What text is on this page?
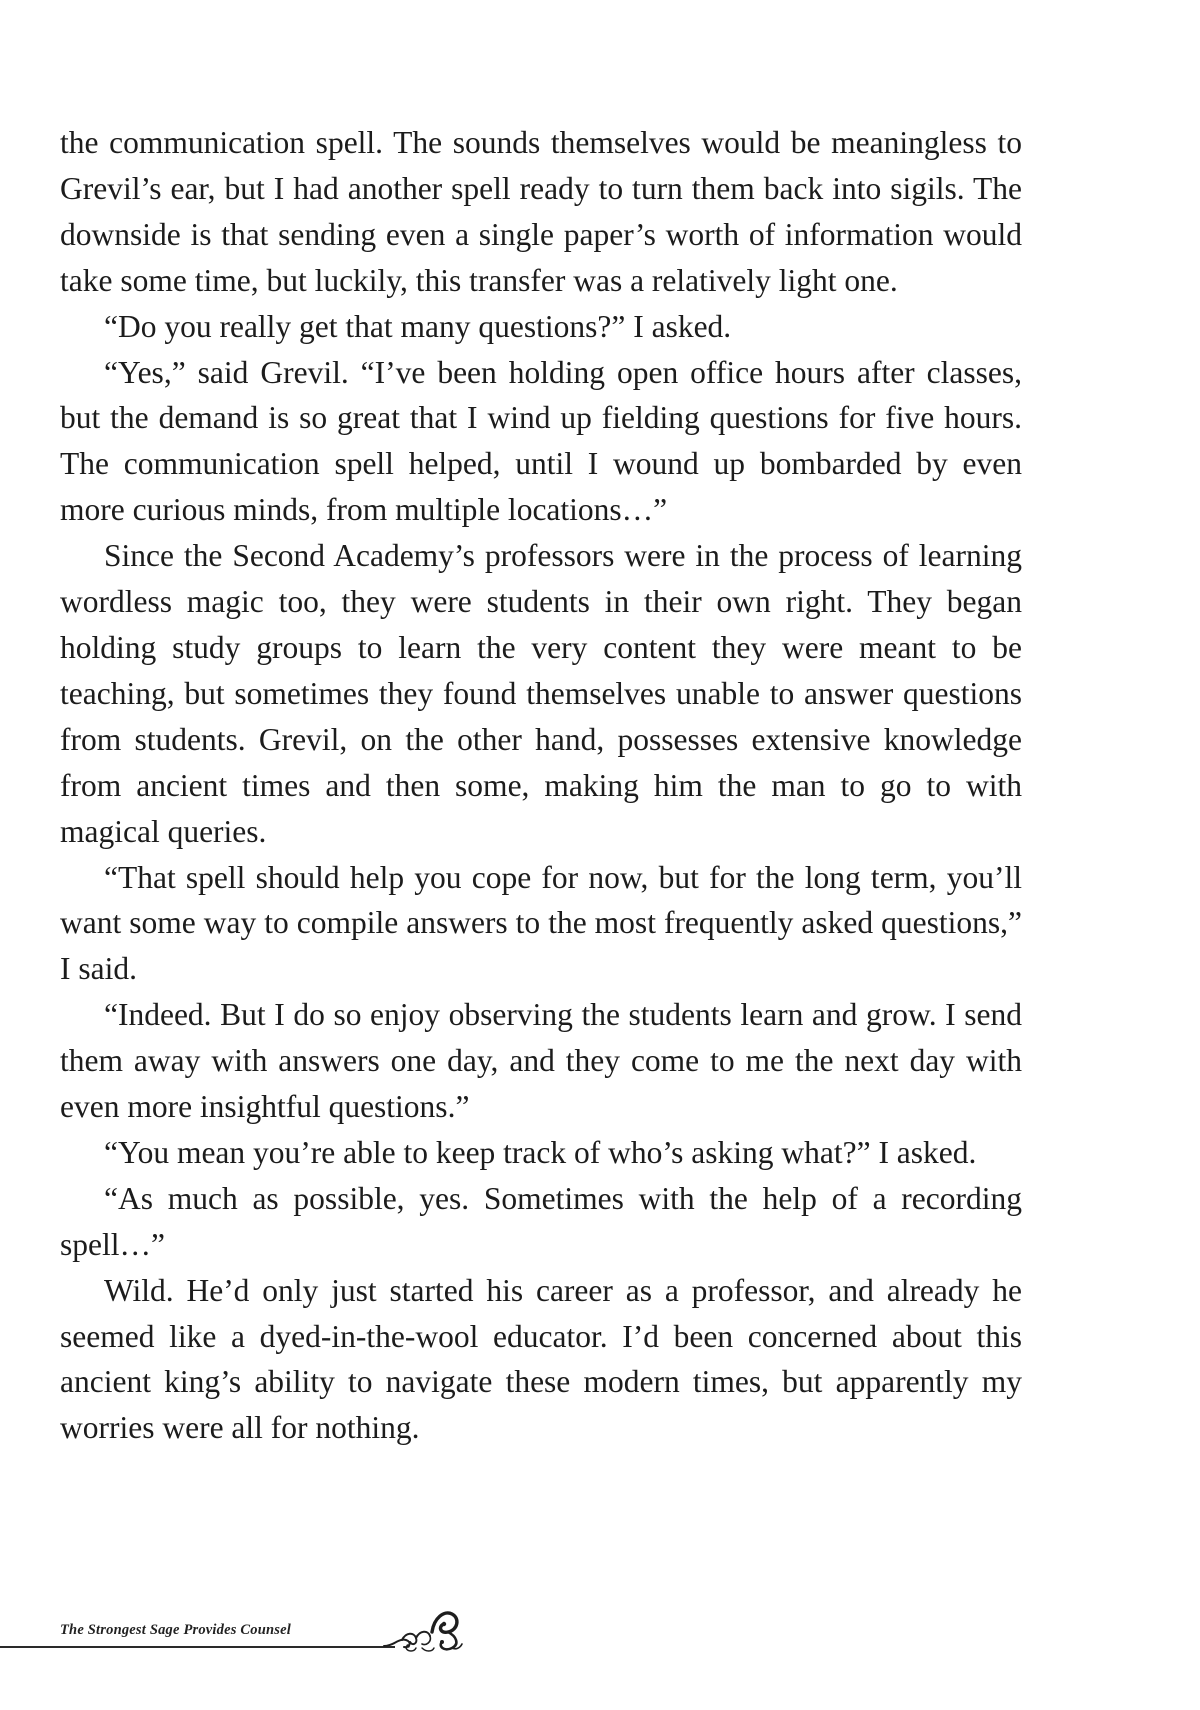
the communication spell. The sounds themselves would be meaningless to Grevil’s ear, but I had another spell ready to turn them back into sigils. The downside is that sending even a single paper’s worth of information would take some time, but luckily, this transfer was a relatively light one.

“Do you really get that many questions?” I asked.

“Yes,” said Grevil. “I’ve been holding open office hours after classes, but the demand is so great that I wind up fielding questions for five hours. The communication spell helped, until I wound up bombarded by even more curious minds, from multiple locations…”

Since the Second Academy’s professors were in the process of learning wordless magic too, they were students in their own right. They began holding study groups to learn the very content they were meant to be teaching, but sometimes they found themselves unable to answer questions from students. Grevil, on the other hand, possesses extensive knowledge from ancient times and then some, making him the man to go to with magical queries.

“That spell should help you cope for now, but for the long term, you’ll want some way to compile answers to the most frequently asked questions,” I said.

“Indeed. But I do so enjoy observing the students learn and grow. I send them away with answers one day, and they come to me the next day with even more insightful questions.”

“You mean you’re able to keep track of who’s asking what?” I asked.

“As much as possible, yes. Sometimes with the help of a recording spell…”

Wild. He’d only just started his career as a professor, and already he seemed like a dyed-in-the-wool educator. I’d been concerned about this ancient king’s ability to navigate these modern times, but apparently my worries were all for nothing.

The Strongest Sage Provides Counsel
